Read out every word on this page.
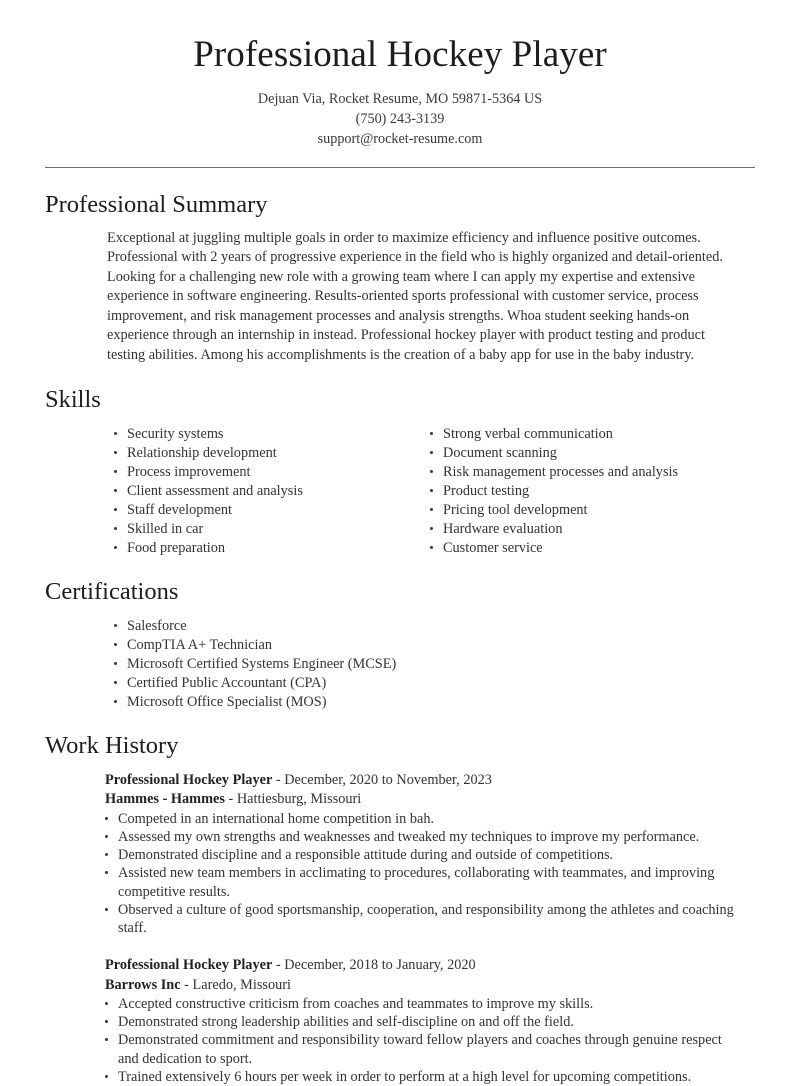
Professional Hockey Player

Dejuan Via, Rocket Resume, MO 59871-5364 US

(750) 243-3139

support@rocket-resume.com

Professional Summary

Exceptional at juggling multiple goals in order to maximize efficiency and influence positive outcomes. Professional with 2 years of progressive experience in the field who is highly organized and detail-oriented. Looking for a challenging new role with a growing team where I can apply my expertise and extensive experience in software engineering. Results-oriented sports professional with customer service, process improvement, and risk management processes and analysis strengths. Whoa student seeking hands-on experience through an internship in instead. Professional hockey player with product testing and product testing abilities. Among his accomplishments is the creation of a baby app for use in the baby industry.

Skills
Security systems
Relationship development
Process improvement
Client assessment and analysis
Staff development
Skilled in car
Food preparation
Strong verbal communication
Document scanning
Risk management processes and analysis
Product testing
Pricing tool development
Hardware evaluation
Customer service
Certifications
Salesforce
CompTIA A+ Technician
Microsoft Certified Systems Engineer (MCSE)
Certified Public Accountant (CPA)
Microsoft Office Specialist (MOS)
Work History
Professional Hockey Player - December, 2020 to November, 2023
Hammes - Hammes - Hattiesburg, Missouri
Competed in an international home competition in bah.
Assessed my own strengths and weaknesses and tweaked my techniques to improve my performance.
Demonstrated discipline and a responsible attitude during and outside of competitions.
Assisted new team members in acclimating to procedures, collaborating with teammates, and improving competitive results.
Observed a culture of good sportsmanship, cooperation, and responsibility among the athletes and coaching staff.
Professional Hockey Player - December, 2018 to January, 2020
Barrows Inc - Laredo, Missouri
Accepted constructive criticism from coaches and teammates to improve my skills.
Demonstrated strong leadership abilities and self-discipline on and off the field.
Demonstrated commitment and responsibility toward fellow players and coaches through genuine respect and dedication to sport.
Trained extensively 6 hours per week in order to perform at a high level for upcoming competitions.
